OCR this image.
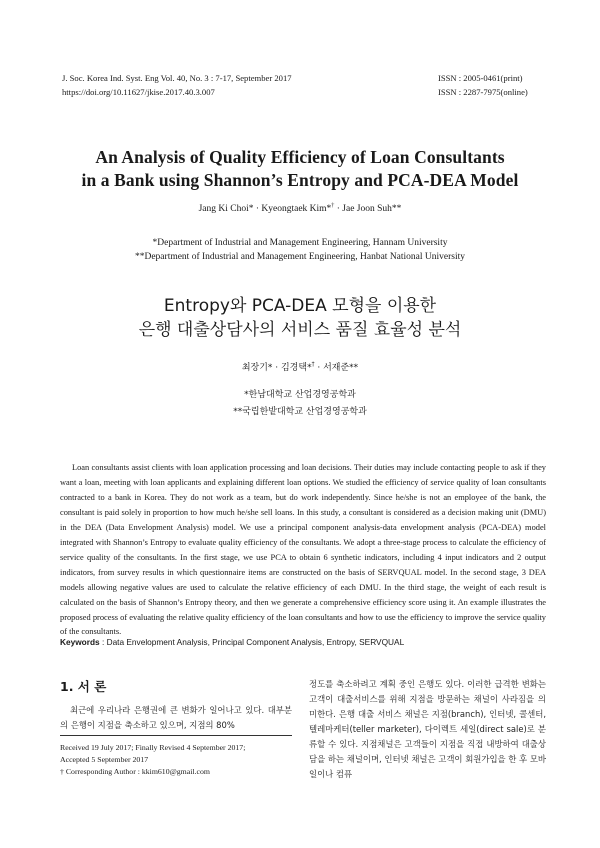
J. Soc. Korea Ind. Syst. Eng Vol. 40, No. 3 : 7-17, September 2017
https://doi.org/10.11627/jkise.2017.40.3.007
ISSN : 2005-0461(print)
ISSN : 2287-7975(online)
An Analysis of Quality Efficiency of Loan Consultants
in a Bank using Shannon’s Entropy and PCA-DEA Model
Jang Ki Choi* · Kyeongtaek Kim*† · Jae Joon Suh**
*Department of Industrial and Management Engineering, Hannam University
**Department of Industrial and Management Engineering, Hanbat National University
Entropy와 PCA-DEA 모형을 이용한
은행 대출상담사의 서비스 품질 효율성 분석
최장기* · 김경택*† · 서재준**
*한남대학교 산업경영공학과
**국립한밭대학교 산업경영공학과

Loan consultants assist clients with loan application processing and loan decisions. Their duties may include contacting people to ask if they want a loan, meeting with loan applicants and explaining different loan options. We studied the efficiency of service quality of loan consultants contracted to a bank in Korea. They do not work as a team, but do work independently. Since he/she is not an employee of the bank, the consultant is paid solely in proportion to how much he/she sell loans. In this study, a consultant is considered as a decision making unit (DMU) in the DEA (Data Envelopment Analysis) model. We use a principal component analysis-data envelopment analysis (PCA-DEA) model integrated with Shannon’s Entropy to evaluate quality efficiency of the consultants. We adopt a three-stage process to calculate the efficiency of service quality of the consultants. In the first stage, we use PCA to obtain 6 synthetic indicators, including 4 input indicators and 2 output indicators, from survey results in which questionnaire items are constructed on the basis of SERVQUAL model. In the second stage, 3 DEA models allowing negative values are used to calculate the relative efficiency of each DMU. In the third stage, the weight of each result is calculated on the basis of Shannon’s Entropy theory, and then we generate a comprehensive efficiency score using it. An example illustrates the proposed process of evaluating the relative quality efficiency of the loan consultants and how to use the efficiency to improve the service quality of the consultants.

Keywords : Data Envelopment Analysis, Principal Component Analysis, Entropy, SERVQUAL
1. 서 론

최근에 우리나라 은행권에 큰 변화가 일어나고 있다. 대부분의 은행이 지점을 축소하고 있으며, 지점의 80%

정도를 축소하려고 계획 중인 은행도 있다. 이러한 급격한 변화는 고객이 대출서비스를 위해 지점을 방문하는 채널이 사라짐을 의미한다. 은행 대출 서비스 채널은 지점(branch), 인터넷, 콜센터, 텔레마케터(teller marketer), 다이렉트 세일(direct sale)로 분류할 수 있다. 지점채널은 고객들이 지점을 직접 내방하여 대출상담을 하는 채널이며, 인터넷 채널은 고객이 회원가입을 한 후 모바일이나 컴퓨

Received 19 July 2017; Finally Revised 4 September 2017;
Accepted 5 September 2017
† Corresponding Author : kkim610@gmail.com
